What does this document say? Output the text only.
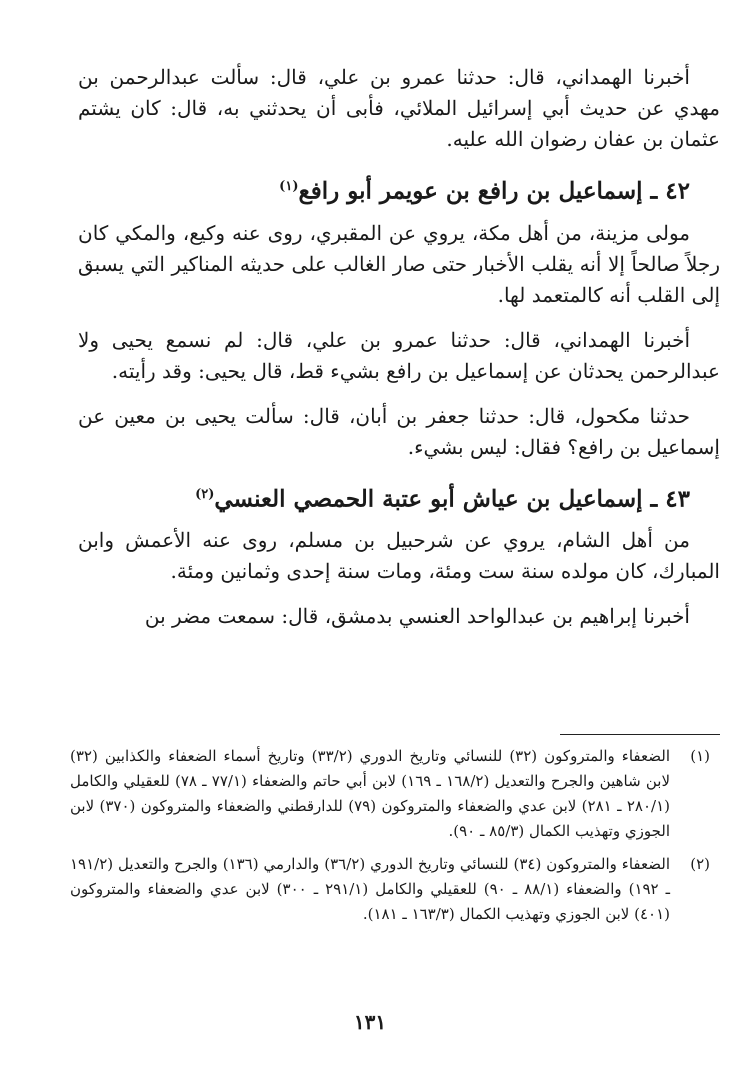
أخبرنا الهمداني، قال: حدثنا عمرو بن علي، قال: سألت عبدالرحمن بن مهدي عن حديث أبي إسرائيل الملائي، فأبى أن يحدثني به، قال: كان يشتم عثمان بن عفان رضوان الله عليه.

٤٢ ـ إسماعيل بن رافع بن عويمر أبو رافع$^{(١)}$

مولى مزينة، من أهل مكة، يروي عن المقبري، روى عنه وكيع، والمكي كان رجلاً صالحاً إلا أنه يقلب الأخبار حتى صار الغالب على حديثه المناكير التي يسبق إلى القلب أنه كالمتعمد لها.

أخبرنا الهمداني، قال: حدثنا عمرو بن علي، قال: لم نسمع يحيى ولا عبدالرحمن يحدثان عن إسماعيل بن رافع بشيء قط، قال يحيى: وقد رأيته.

حدثنا مكحول، قال: حدثنا جعفر بن أبان، قال: سألت يحيى بن معين عن إسماعيل بن رافع؟ فقال: ليس بشيء.

٤٣ ـ إسماعيل بن عياش أبو عتبة الحمصي العنسي$^{(٢)}$

من أهل الشام، يروي عن شرحبيل بن مسلم، روى عنه الأعمش وابن المبارك، كان مولده سنة ست ومئة، ومات سنة إحدى وثمانين ومئة.

أخبرنا إبراهيم بن عبدالواحد العنسي بدمشق، قال: سمعت مضر بن

(١)
الضعفاء والمتروكون (٣٢) للنسائي وتاريخ الدوري (٣٣/٢) وتاريخ أسماء الضعفاء والكذابين (٣٢) لابن شاهين والجرح والتعديل (١٦٨/٢ ـ ١٦٩) لابن أبي حاتم والضعفاء (٧٧/١ ـ ٧٨) للعقيلي والكامل (٢٨٠/١ ـ ٢٨١) لابن عدي والضعفاء والمتروكون (٧٩) للدارقطني والضعفاء والمتروكون (٣٧٠) لابن الجوزي وتهذيب الكمال (٨٥/٣ ـ ٩٠).
(٢)
الضعفاء والمتروكون (٣٤) للنسائي وتاريخ الدوري (٣٦/٢) والدارمي (١٣٦) والجرح والتعديل (١٩١/٢ ـ ١٩٢) والضعفاء (٨٨/١ ـ ٩٠) للعقيلي والكامل (٢٩١/١ ـ ٣٠٠) لابن عدي والضعفاء والمتروكون (٤٠١) لابن الجوزي وتهذيب الكمال (١٦٣/٣ ـ ١٨١).
١٣١
